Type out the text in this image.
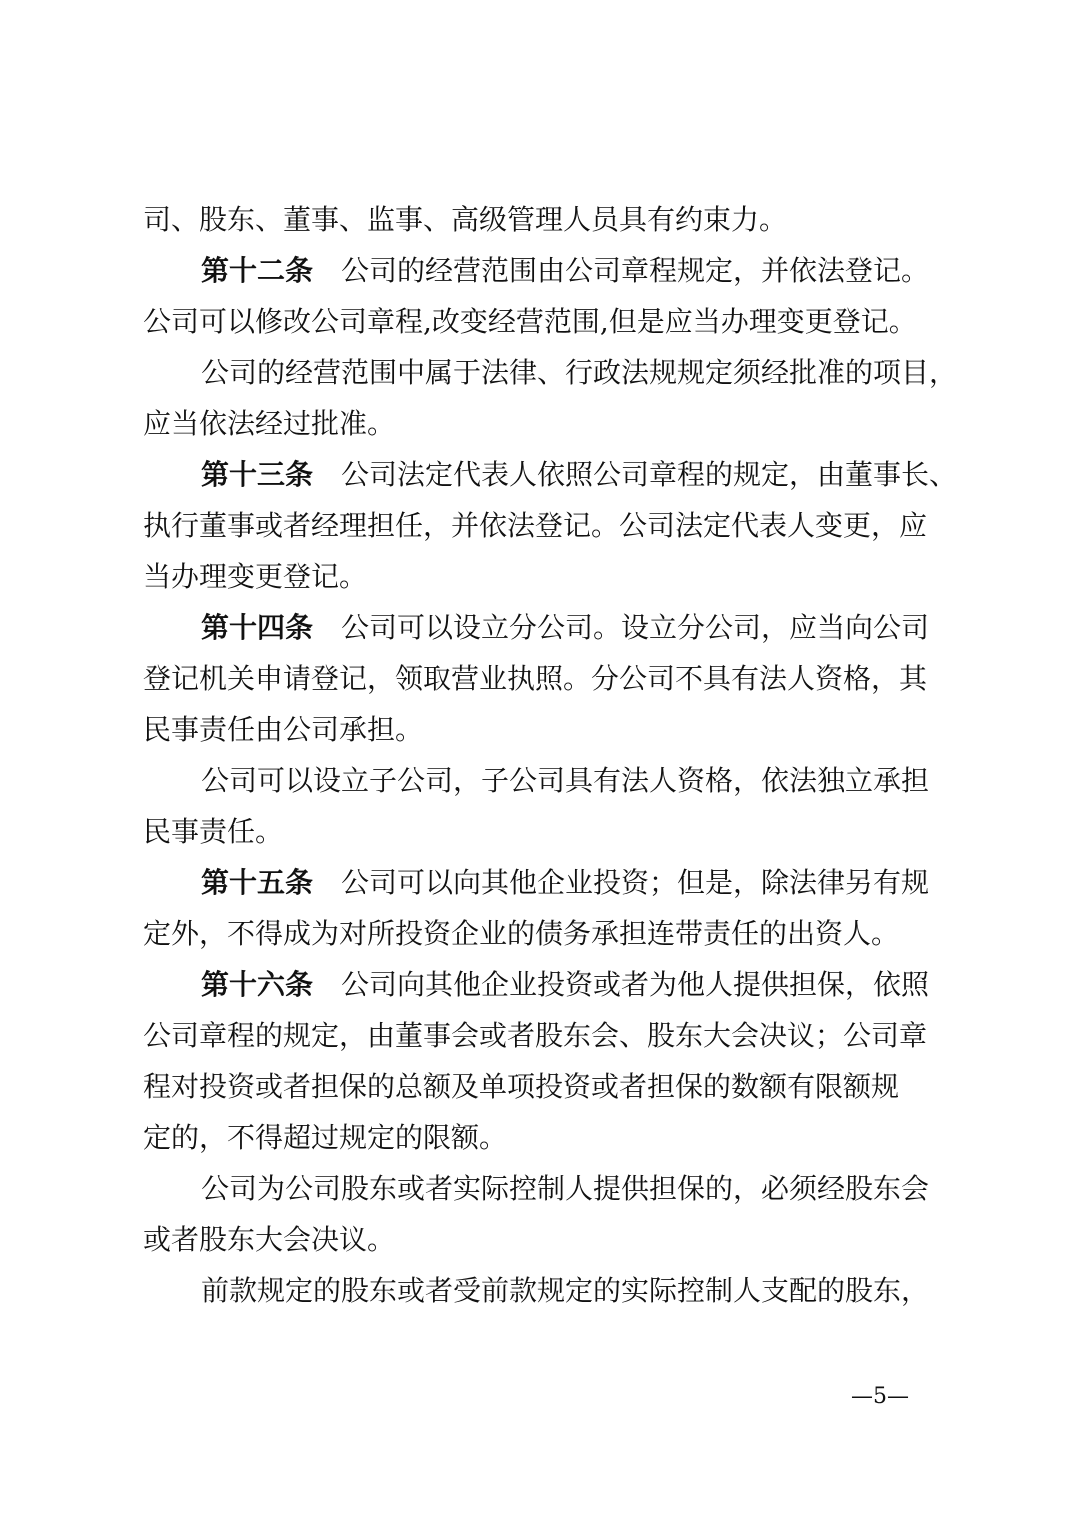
司、股东、董事、监事、高级管理人员具有约束力。
第十二条 公司的经营范围由公司章程规定，并依法登记。
公司可以修改公司章程,改变经营范围,但是应当办理变更登记。
公司的经营范围中属于法律、行政法规规定须经批准的项目，
应当依法经过批准。
第十三条 公司法定代表人依照公司章程的规定，由董事长、
执行董事或者经理担任，并依法登记。公司法定代表人变更，应
当办理变更登记。
第十四条 公司可以设立分公司。设立分公司，应当向公司
登记机关申请登记，领取营业执照。分公司不具有法人资格，其
民事责任由公司承担。
公司可以设立子公司，子公司具有法人资格，依法独立承担
民事责任。
第十五条 公司可以向其他企业投资；但是，除法律另有规
定外，不得成为对所投资企业的债务承担连带责任的出资人。
第十六条 公司向其他企业投资或者为他人提供担保，依照
公司章程的规定，由董事会或者股东会、股东大会决议；公司章
程对投资或者担保的总额及单项投资或者担保的数额有限额规
定的，不得超过规定的限额。
公司为公司股东或者实际控制人提供担保的，必须经股东会
或者股东大会决议。
前款规定的股东或者受前款规定的实际控制人支配的股东，
—5—
